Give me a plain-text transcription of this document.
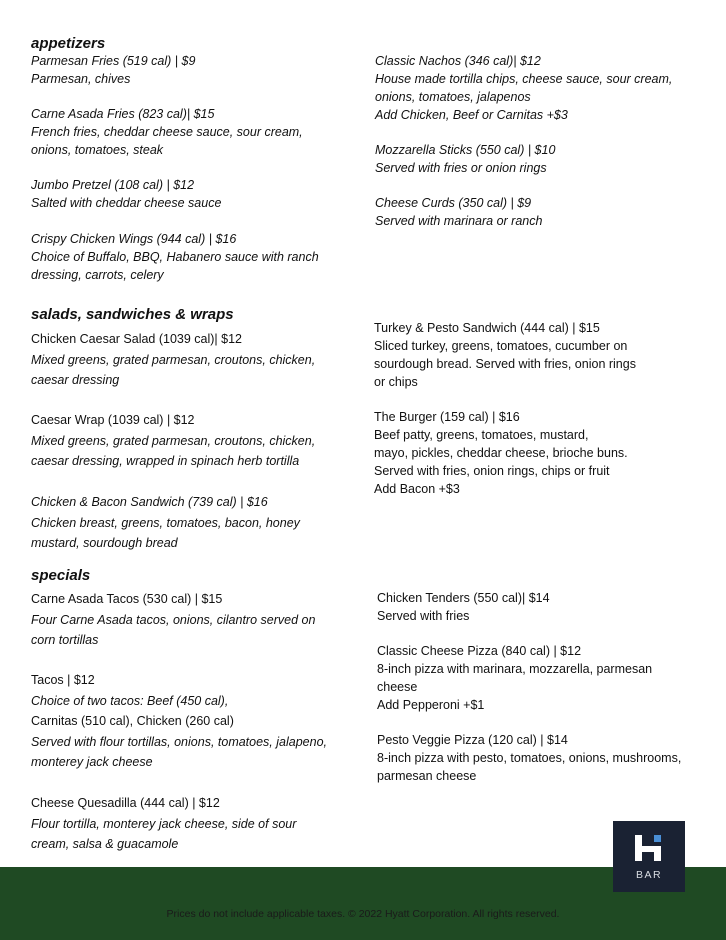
appetizers
salads, sandwiches & wraps
specials
Parmesan Fries (519 cal) | $9
Parmesan, chives
Carne Asada Fries (823 cal)| $15
French fries, cheddar cheese sauce, sour cream,
onions, tomatoes, steak
Jumbo Pretzel (108 cal) | $12
Salted with cheddar cheese sauce
Crispy Chicken Wings (944 cal) | $16
Choice of Buffalo, BBQ, Habanero sauce with ranch
dressing, carrots, celery
Classic Nachos (346 cal)| $12
House made tortilla chips, cheese sauce, sour cream,
onions, tomatoes, jalapenos
Add Chicken, Beef or Carnitas +$3
Mozzarella Sticks (550 cal) | $10
Served with fries or onion rings
Cheese Curds (350 cal) | $9
Served with marinara or ranch
Chicken Caesar Salad (1039 cal)| $12
Mixed greens, grated parmesan, croutons, chicken,
caesar dressing
Caesar Wrap (1039 cal) | $12
Mixed greens, grated parmesan, croutons, chicken,
caesar dressing, wrapped in spinach herb tortilla
Chicken & Bacon Sandwich (739 cal) | $16
Chicken breast, greens, tomatoes, bacon, honey
mustard, sourdough bread
Turkey & Pesto Sandwich (444 cal) | $15
Sliced turkey, greens, tomatoes, cucumber on
sourdough bread. Served with fries, onion rings
or chips
The Burger (159 cal) | $16
Beef patty, greens, tomatoes, mustard,
mayo, pickles, cheddar cheese, brioche buns.
Served with fries, onion rings, chips or fruit
Add Bacon +$3
Carne Asada Tacos (530 cal) | $15
Four Carne Asada tacos, onions, cilantro served on
corn tortillas
Tacos | $12
Choice of two tacos: Beef (450 cal),
Carnitas (510 cal), Chicken (260 cal)
Served with flour tortillas, onions, tomatoes, jalapeno,
monterey jack cheese
Cheese Quesadilla (444 cal) | $12
Flour tortilla, monterey jack cheese, side of sour
cream, salsa & guacamole
Chicken Tenders (550 cal)| $14
Served with fries
Classic Cheese Pizza (840 cal) | $12
8-inch pizza with marinara, mozzarella, parmesan
cheese
Add Pepperoni +$1
Pesto Veggie Pizza (120 cal) | $14
8-inch pizza with pesto, tomatoes, onions, mushrooms,
parmesan cheese
Prices do not include applicable taxes. © 2022 Hyatt Corporation. All rights reserved.
BAR
